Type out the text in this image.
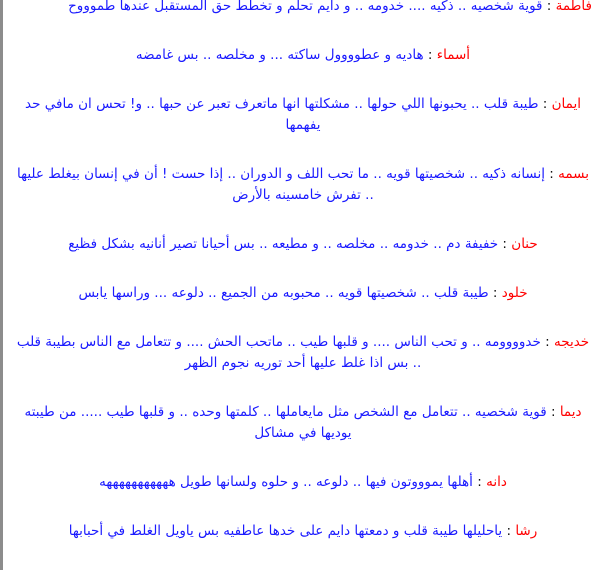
فاطمة : قوية شخصيه .. ذكيه .... خدومه .. و دايم تحلم و تخطط حق المستقبل عندها طموووح

أسماء : هاديه و عطوووول ساكته ... و مخلصه .. بس غامضه

ايمان : طيبة قلب .. يحبونها اللي حولها .. مشكلتها انها ماتعرف تعبر عن حبها .. و! تحس ان مافي حد يفهمها

بسمه : إنسانه ذكيه .. شخصيتها قويه .. ما تحب اللف و الدوران .. إذا حست ! أن في إنسان بيغلط عليها .. تفرش خامسينه بالأرض

حنان : خفيفة دم .. خدومه .. مخلصه .. و مطيعه .. بس أحيانا تصير أنانيه بشكل فظيع

خلود : طيبة قلب .. شخصيتها قويه .. محبوبه من الجميع .. دلوعه ... وراسها يابس

خديجه : خدوووومه .. و تحب الناس .... و قلبها طيب .. ماتحب الحش .... و تتعامل مع الناس بطيبة قلب .. بس اذا غلط عليها أحد توريه نجوم الظهر

ديما : قوية شخصيه .. تتعامل مع الشخص مثل مايعاملها .. كلمتها وحده .. و قلبها طيب ..... من طيبته يوديها في مشاكل

دانه : أهلها يموووتون فيها .. دلوعه .. و حلوه ولسانها طويل هههههههههههه

رشا : ياحليلها طيبة قلب و دمعتها دايم على خدها عاطفيه بس ياويل الغلط في أحبابها
